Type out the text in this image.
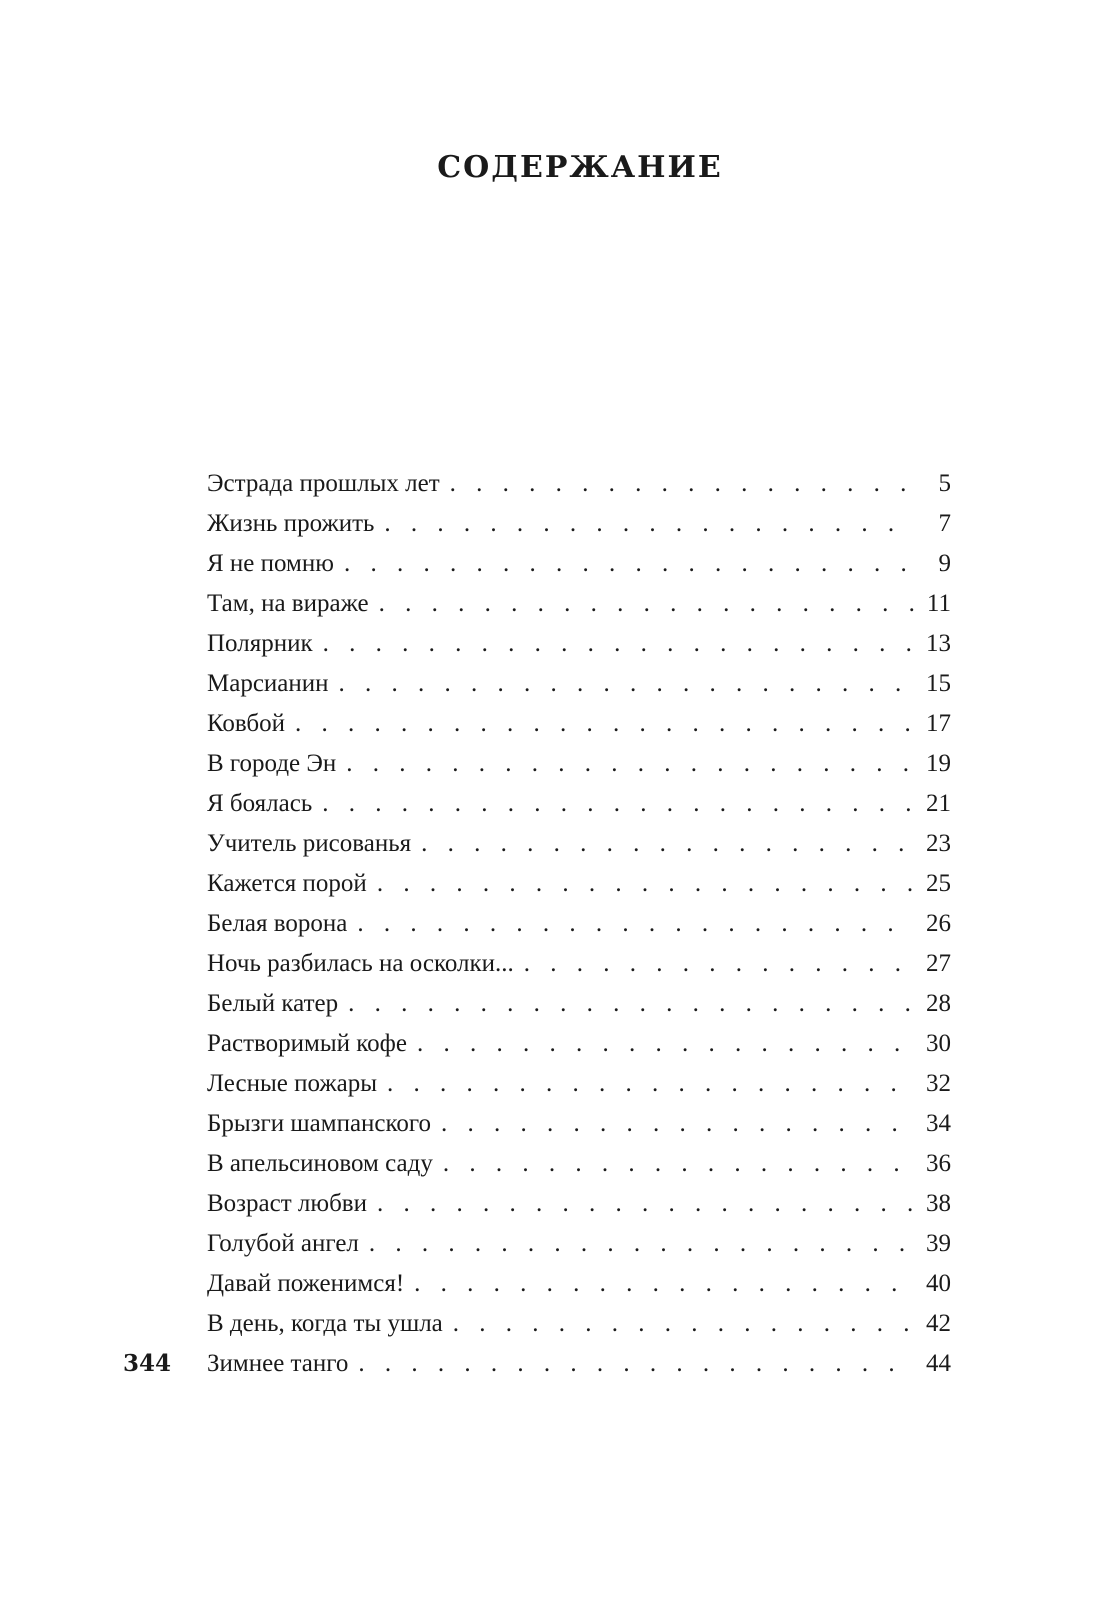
СОДЕРЖАНИЕ
Эстрада прошлых лет . . .	5
Жизнь прожить . . .	7
Я не помню . . .	9
Там, на вираже . . .	11
Полярник . . .	13
Марсианин . . .	15
Ковбой . . .	17
В городе Эн . . .	19
Я боялась . . .	21
Учитель рисованья . . .	23
Кажется порой . . .	25
Белая ворона . . .	26
Ночь разбилась на осколки... . . .	27
Белый катер . . .	28
Растворимый кофе . . .	30
Лесные пожары . . .	32
Брызги шампанского . . .	34
В апельсиновом саду . . .	36
Возраст любви . . .	38
Голубой ангел . . .	39
Давай поженимся! . . .	40
В день, когда ты ушла . . .	42
Зимнее танго . . .	44
344
